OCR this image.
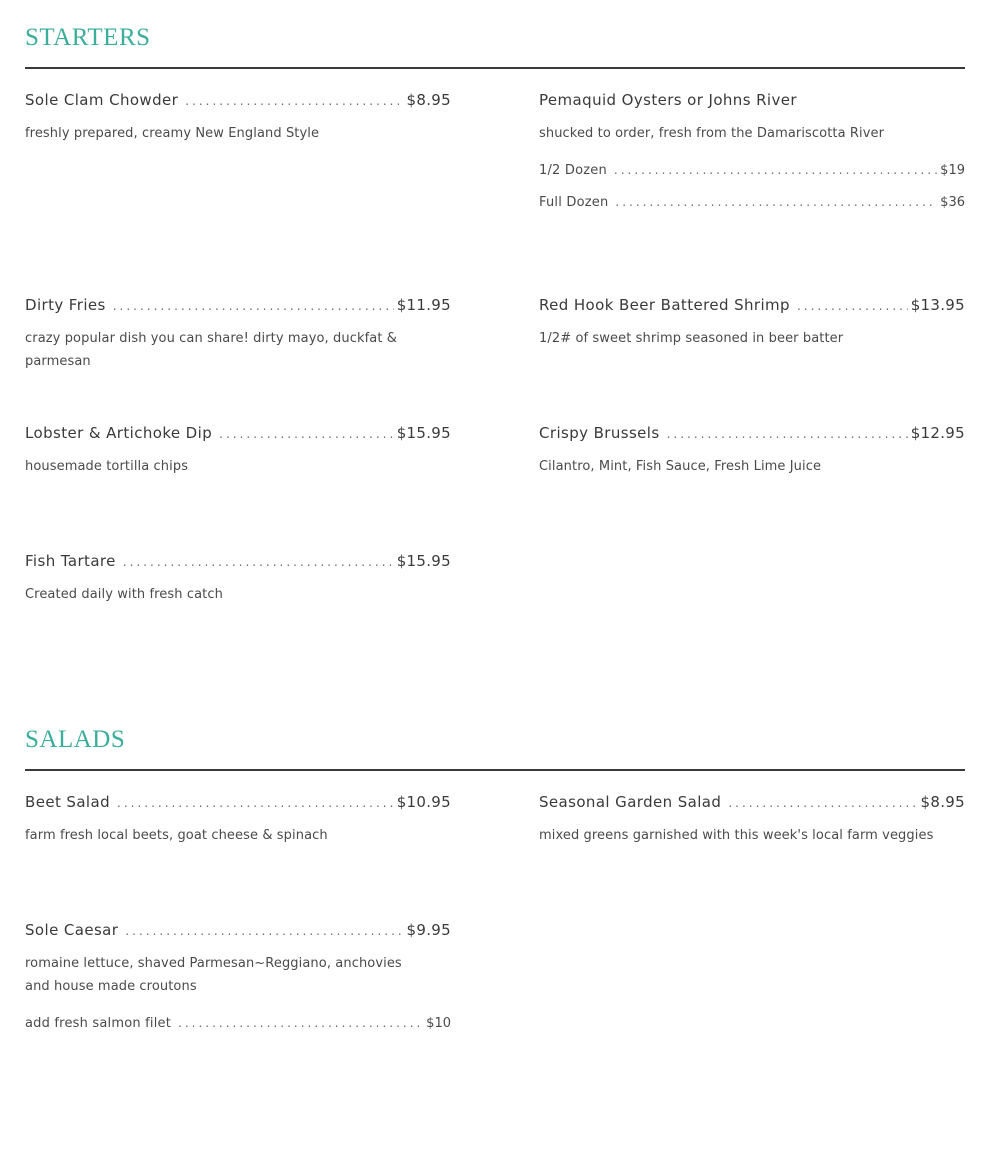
STARTERS
Sole Clam Chowder .....	$8.95
freshly prepared, creamy New England Style
Pemaquid Oysters or Johns River
shucked to order, fresh from the Damariscotta River
1/2 Dozen .....	$19
Full Dozen .....	$36
Dirty Fries .....	$11.95
crazy popular dish you can share! dirty mayo, duckfat & parmesan
Red Hook Beer Battered Shrimp .....	$13.95
1/2# of sweet shrimp seasoned in beer batter
Lobster & Artichoke Dip .....	$15.95
housemade tortilla chips
Crispy Brussels .....	$12.95
Cilantro, Mint, Fish Sauce, Fresh Lime Juice
Fish Tartare .....	$15.95
Created daily with fresh catch
SALADS
Beet Salad .....	$10.95
farm fresh local beets, goat cheese & spinach
Seasonal Garden Salad .....	$8.95
mixed greens garnished with this week's local farm veggies
Sole Caesar .....	$9.95
romaine lettuce, shaved Parmesan~Reggiano, anchovies and house made croutons
add fresh salmon filet .....	$10
